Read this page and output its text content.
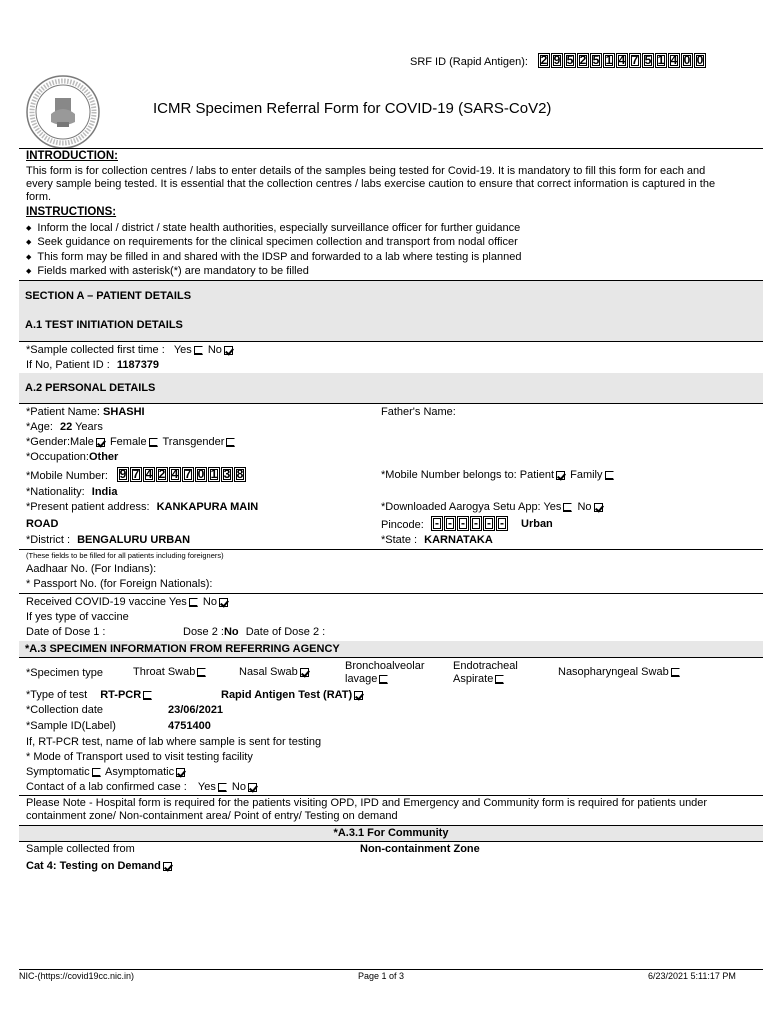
SRF ID (Rapid Antigen): 2 9 5 2 5 1 4 7 5 1 4 0 0
ICMR Specimen Referral Form for COVID-19 (SARS-CoV2)
INTRODUCTION:
This form is for collection centres / labs to enter details of the samples being tested for Covid-19. It is mandatory to fill this form for each and every sample being tested. It is essential that the collection centres / labs exercise caution to ensure that correct information is captured in the form.
INSTRUCTIONS:
◆ Inform the local / district / state health authorities, especially surveillance officer for further guidance
◆ Seek guidance on requirements for the clinical specimen collection and transport from nodal officer
◆ This form may be filled in and shared with the IDSP and forwarded to a lab where testing is planned
◆ Fields marked with asterisk(*) are mandatory to be filled
SECTION A – PATIENT DETAILS
A.1 TEST INITIATION DETAILS
*Sample collected first time : Yes No
If No, Patient ID : 1187379
A.2 PERSONAL DETAILS
*Patient Name: SHASHI	Father's Name:
*Age: 22 Years
*Gender:Male Female Transgender
*Occupation:Other
*Mobile Number: 9 7 4 2 4 7 0 1 3 8	*Mobile Number belongs to: Patient Family
*Nationality: India
*Present patient address: KANKAPURA MAIN
ROAD
*Downloaded Aarogya Setu App: Yes No
Pincode: - - - - - -	Urban
*District : BENGALURU URBAN	*State : KARNATAKA
(These fields to be filled for all patients including foreigners)
Aadhaar No. (For Indians):
* Passport No. (for Foreign Nationals):
Received COVID-19 vaccine Yes No
If yes type of vaccine
Date of Dose 1 :	Dose 2 :No Date of Dose 2 :
*A.3 SPECIMEN INFORMATION FROM REFERRING AGENCY
*Specimen type	Throat Swab	Nasal Swab	Bronchoalveolar
lavage
Endotracheal
Aspirate
Nasopharyngeal Swab
*Type of test RT-PCR	Rapid Antigen Test (RAT)
*Collection date	23/06/2021
*Sample ID(Label)	4751400
If, RT-PCR test, name of lab where sample is sent for testing
* Mode of Transport used to visit testing facility
Symptomatic Asymptomatic
Contact of a lab confirmed case : Yes No
Please Note - Hospital form is required for the patients visiting OPD, IPD and Emergency and Community form is required for patients under containment zone/ Non-containment area/ Point of entry/ Testing on demand
*A.3.1 For Community
Sample collected from	Non-containment Zone
Cat 4: Testing on Demand
NIC-(https://covid19cc.nic.in)	Page 1 of 3	6/23/2021 5:11:17 PM
